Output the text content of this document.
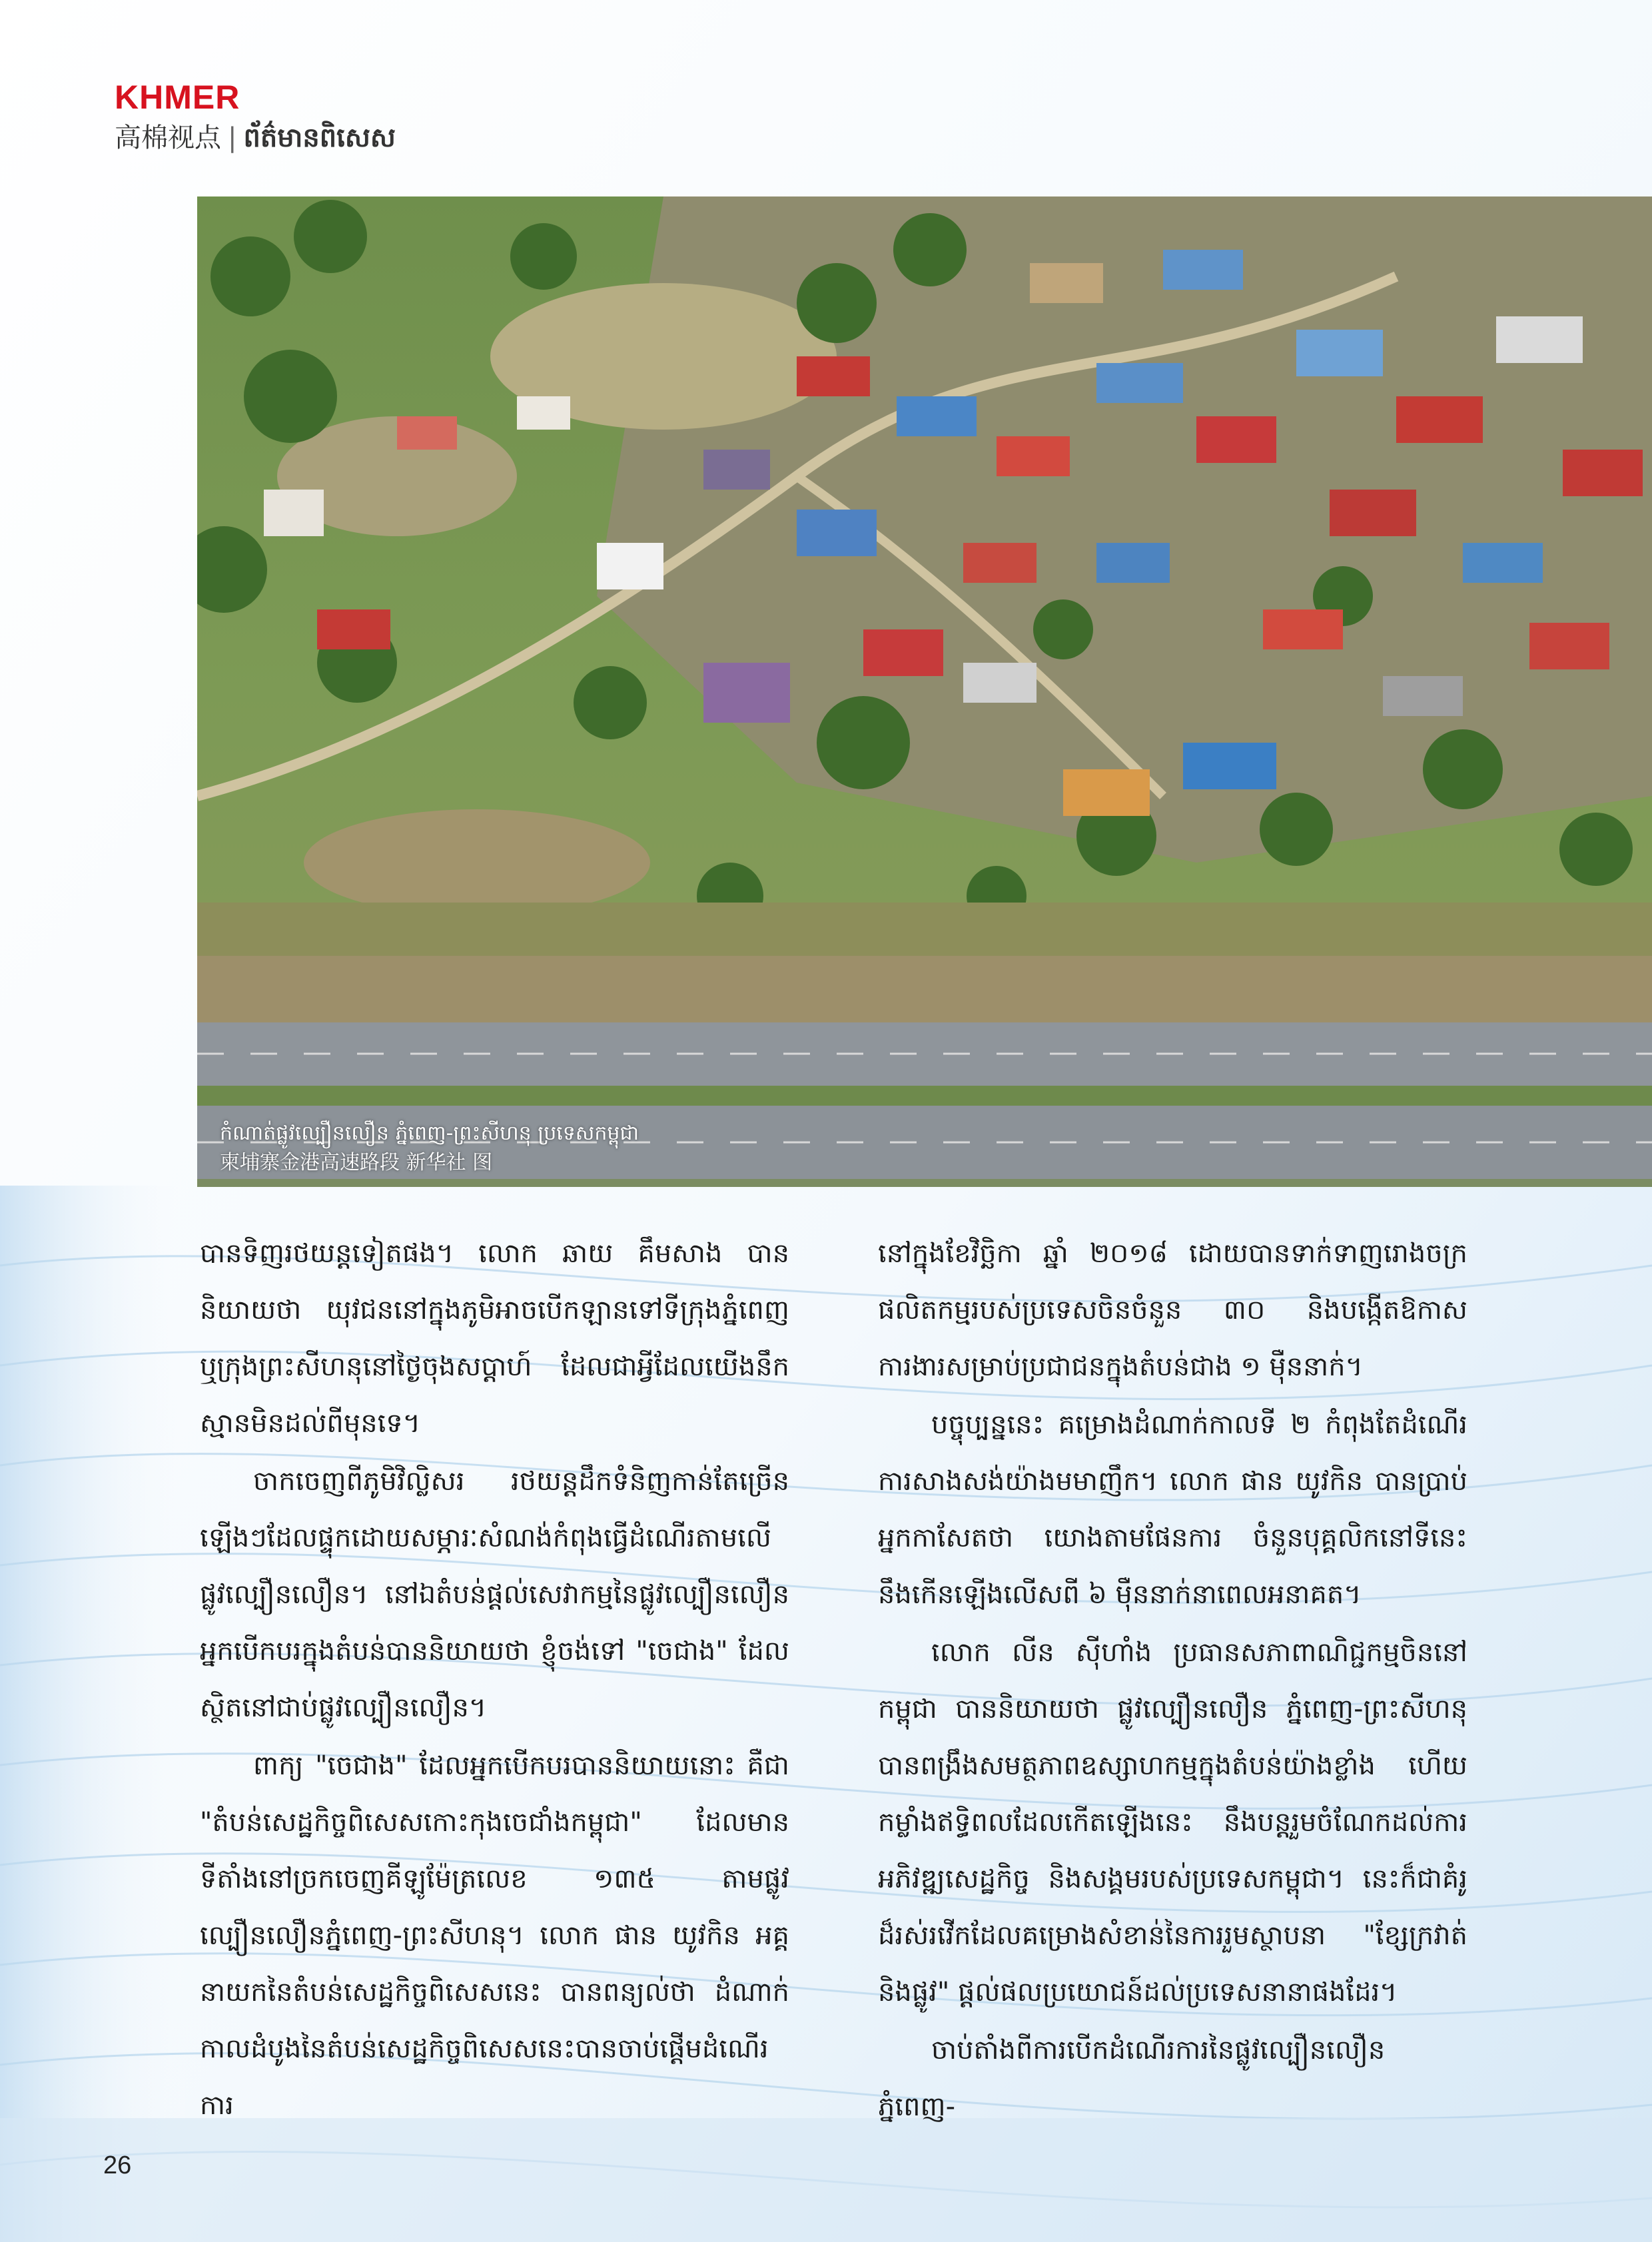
KHMER
高棉视点 | ព័ត៌មានពិសេស
កំណាត់ផ្លូវល្បឿនលឿន ភ្នំពេញ-ព្រះសីហនុ ប្រទេសកម្ពុជា
柬埔寨金港高速路段 新华社 图

បានទិញរថយន្តទៀតផង។ លោក ឆាយ គឹមសាង បាននិយាយថា យុវជននៅក្នុងភូមិអាចបើកឡានទៅទីក្រុងភ្នំពេញ ឬក្រុងព្រះសីហនុនៅថ្ងៃចុងសប្តាហ៍ ដែលជាអ្វីដែលយើងនឹកស្មានមិនដល់ពីមុនទេ។

ចាកចេញពីភូមិវិល្លិសរ រថយន្តដឹកទំនិញកាន់តែច្រើនឡើងៗដែលផ្ទុកដោយសម្ភារៈសំណង់កំពុងធ្វើដំណើរតាមលើផ្លូវល្បឿនលឿន។ នៅឯតំបន់ផ្តល់សេវាកម្មនៃផ្លូវល្បឿនលឿន អ្នកបើកបរក្នុងតំបន់បាននិយាយថា ខ្ញុំចង់ទៅ "ចេជាង" ដែលស្ថិតនៅជាប់ផ្លូវល្បឿនលឿន។

ពាក្យ "ចេជាង" ដែលអ្នកបើកបរបាននិយាយនោះ គឺជា "តំបន់សេដ្ឋកិច្ចពិសេសកោះកុងចេជាំងកម្ពុជា" ដែលមានទីតាំងនៅច្រកចេញគីឡូម៉ែត្រលេខ ១៣៥ តាមផ្លូវល្បឿនលឿនភ្នំពេញ-ព្រះសីហនុ។ លោក ផាន យូវកិន អគ្គនាយកនៃតំបន់សេដ្ឋកិច្ចពិសេសនេះ បានពន្យល់ថា ដំណាក់កាលដំបូងនៃតំបន់សេដ្ឋកិច្ចពិសេសនេះបានចាប់ផ្តើមដំណើរការ

នៅក្នុងខែវិច្ឆិកា ឆ្នាំ ២០១៨ ដោយបានទាក់ទាញរោងចក្រផលិតកម្មរបស់ប្រទេសចិនចំនួន ៣០ និងបង្កើតឱកាសការងារសម្រាប់ប្រជាជនក្នុងតំបន់ជាង ១ ម៉ឺននាក់។

បច្ចុប្បន្ននេះ គម្រោងដំណាក់កាលទី ២ កំពុងតែដំណើរការសាងសង់យ៉ាងមមាញឹក។ លោក ផាន យូវកិន បានប្រាប់អ្នកកាសែតថា យោងតាមផែនការ ចំនួនបុគ្គលិកនៅទីនេះនឹងកើនឡើងលើសពី ៦ ម៉ឺននាក់នាពេលអនាគត។

លោក លីន ស៊ីហាំង ប្រធានសភាពាណិជ្ជកម្មចិននៅកម្ពុជា បាននិយាយថា ផ្លូវល្បឿនលឿន ភ្នំពេញ-ព្រះសីហនុ បានពង្រឹងសមត្ថភាពឧស្សាហកម្មក្នុងតំបន់យ៉ាងខ្លាំង ហើយកម្លាំងឥទ្ធិពលដែលកើតឡើងនេះ នឹងបន្តរួមចំណែកដល់ការអភិវឌ្ឍសេដ្ឋកិច្ច និងសង្គមរបស់ប្រទេសកម្ពុជា។ នេះក៏ជាគំរូដ៏រស់រវើកដែលគម្រោងសំខាន់នៃការរួមស្ថាបនា "ខ្សែក្រវាត់ និងផ្លូវ" ផ្តល់ផលប្រយោជន៍ដល់ប្រទេសនានាផងដែរ។

ចាប់តាំងពីការបើកដំណើរការនៃផ្លូវល្បឿនលឿន ភ្នំពេញ-

26
